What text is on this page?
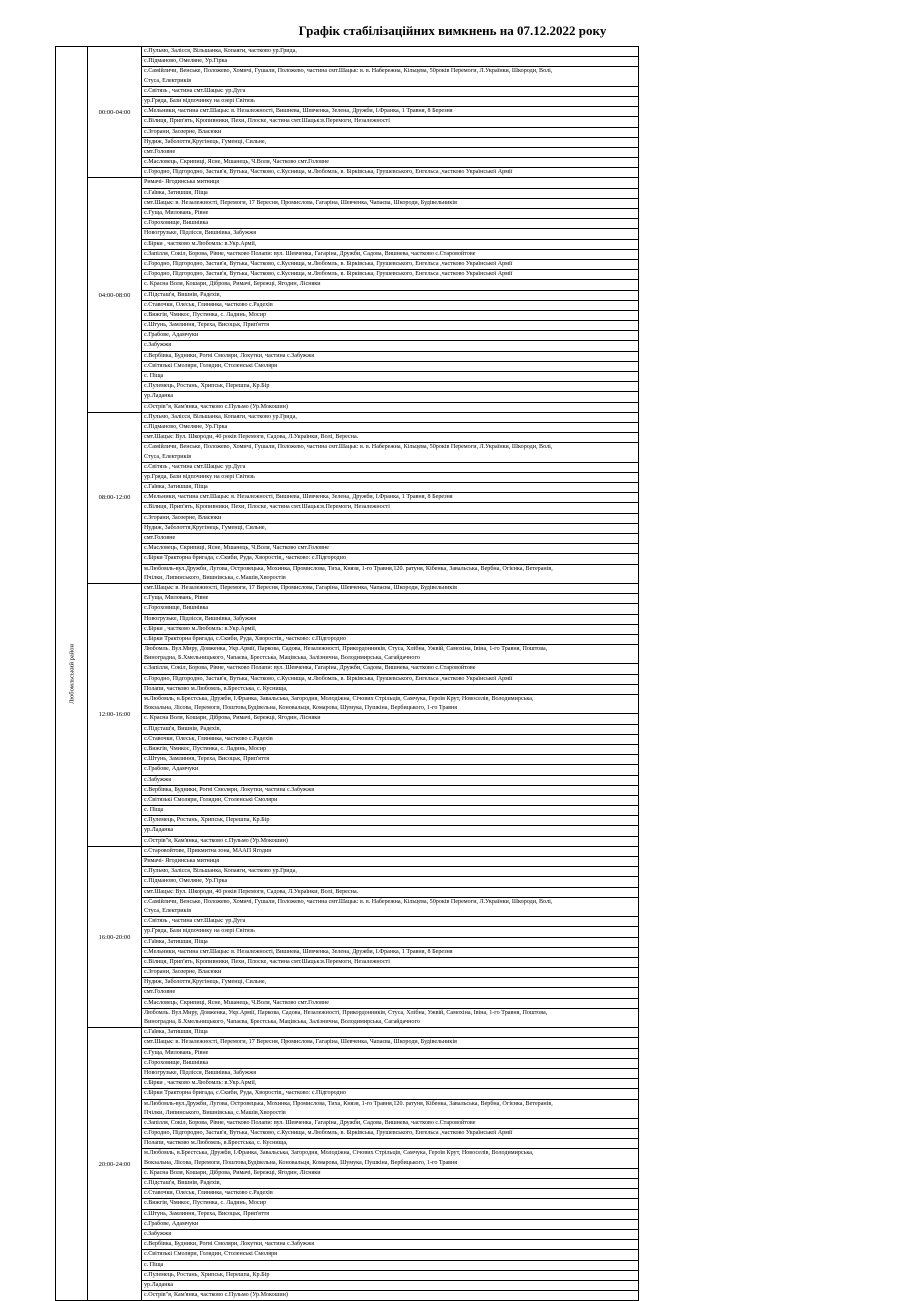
Графік стабілізаційних вимкнень на 07.12.2022 року
Любомльський район	00:00-04:00	с.Пульмо, Залісся, Вільшанка, Копаяги, частково ур.Грида,

		с.Підманово, Омеляне, Ур.Гірка

		с.Самійличи, Венське, Положево, Хомичі, Гушали, Положево, частина смт.Шацьк: в. в. Набережна, Кільцева, 50років Перемоги, Л.Українки, Шкороди, Волі,
Стуса, Електриків

		с.Світязь , частина смт.Шацьк: ур.Дуга

		ур.Гряда, Бази відпочинку на озері Світязь

		с.Мельники, частина смт.Шацьк: в. Незалежності, Вишнева, Шевченка, Зелена, Дружби, І.Франка, 1 Травня, 8 Березня

		с.Вілиця, Прип'ять, Кропивники, Пехи, Плоске, частина смт.Шацьк:в.Перемоги, Незалежності

		с.Згорани, Заозерне, Власюки

		Нудиж, Заболоття,Кругінець, Гуменці, Сильне,

		смт.Головне

		с.Масловець, Скрипиці, Ясне, Мшанець, Ч.Воля, Частково смт.Головне

		с.Городно, Підгородно, Застав'я, Вутька, Частково, с.Куснища, м.Любомль, в. Бірківська, Грушевського, Енгельса ,частково Української Армії

	04:00-08:00	Римачі- Ягодинська митниця

		с.Гаївка, Затишшя, Піща

		смт.Шацьк: в. Незалежності, Перемоги, 17 Вересня, Промислова, Гагаріна, Шевченка, Чапаєва, Шкороди, Будівельників

		с.Гуща, Миловань, Рівне

		с.Гороховище, Вишнівка

		Новогрузьке, Підлісся, Вишнівка, Забужжя

		с.Бірки , частково м.Любомль: в.Укр.Армії,

		с.Запілля, Сокіл, Борова, Рівне, частково Полапи: вул. Шевченка, Гагаріна, Дружби, Садова, Вишнева, частково с.Старовойтове

		с.Городно, Підгородно, Застав'я, Вутька, Частково, с.Куснища, м.Любомль, в. Бірківська, Грушевського, Енгельса ,частково Української Армії

		с.Городно, Підгородно, Застав'я, Вутька, Частково, с.Куснища, м.Любомль, в. Бірківська, Грушевського, Енгельса ,частково Української Армії

		с. Красна Воля, Кошари, Діброва, Римачі, Бережці, Ягодин, Лісняки

		с.Підсташ'я, Вишнів, Радехів,

		с.Ставочки, Олеськ, Глинянка, частково с.Радехів

		с.Вижгів, Чмикос, Пустинка, с. Ладинь, Мосир

		с.Штунь, Замлиння, Тереха, Висоцьк, Прип'яття

		с.Грабове, Адамчуки

		с.Забужжя

		с.Вербівка, Будники, Рогві Смоляри, Локутки, частина с.Забужжя

		с.Світязькі Смоляри, Голядин, Столенські Смоляри

		с. Піща

		с.Пулемець, Ростань, Хрипськ, Перешпа, Кр.Бір

		ур.Ладанка

		с.Острів"я, Кам'янка, частково с.Пульмо (Ур.Мокошин)

	08:00-12:00	с.Пульмо, Залісся, Вільшанка, Копаяги, частково ур.Грида,

		с.Підманово, Омеляне, Ур.Гірка

		смт.Шацьк: Вул. Шкороди, 40 років Перемоги, Садова, Л.Українки, Волі, Вересна.

		с.Самійличи, Венське, Положево, Хомичі, Гушали, Положево, частина смт.Шацьк: в. в. Набережна, Кільцева, 50років Перемоги, Л.Українки, Шкороди, Волі,
Стуса, Електриків

		с.Світязь , частина смт.Шацьк: ур.Дуга

		ур.Гряда, Бази відпочинку на озері Світязь

		с.Гаївка, Затишшя, Піща

		с.Мельники, частина смт.Шацьк: в. Незалежності, Вишнева, Шевченка, Зелена, Дружби, І.Франка, 1 Травня, 8 Березня

		с.Вілиця, Прип'ять, Кропивники, Пехи, Плоске, частина смт.Шацьк:в.Перемоги, Незалежності

		с.Згорани, Заозерне, Власюки

		Нудиж, Заболоття,Кругінець, Гуменці, Сильне,

		смт.Головне

		с.Масловець, Скрипиці, Ясне, Мшанець, Ч.Воля, Частково смт.Головне

		с.Бірки Тракторна бригада, с.Скиби, Руда, Хворостів,, частково: с.Підгородно

		м.Любомль-вул.Дружби, Лугова, Островецька, Мохинка, Промислова, Тиха, Князя, 1-го Травня,120. ратуня, Кібенка, Завальська, Вербна, Огієнка, Ветеранів,
Пчілки, Липинського, Вишнівська, с.Машів,Хворостів

	12:00-16:00	смт.Шацьк: в. Незалежності, Перемоги, 17 Вересня, Промислова, Гагаріна, Шевченка, Чапаєва, Шкороди, Будівельників

		с.Гуща, Миловань, Рівне

		с.Гороховище, Вишнівка

		Новогрузьке, Підлісся, Вишнівка, Забужжя

		с.Бірки , частково м.Любомль: в.Укр.Армії,

		с.Бірки Тракторна бригада, с.Скиби, Руда, Хворостів,, частково: с.Підгородно

		Любомль. Вул.Миру, Довженка, Укр.Армії, Паркова, Садова, Незалежності, Прикордонників, Стуса, Хлібна, Ужвій, Самохіна, Івіна, 1-го Травня, Поштова,
Виноградна, Б.Хмельницького, Чапаєва, Брестська, Мацівська, Залізнична, Володимирська, Сагайдачного

		с.Запілля, Сокіл, Борова, Рівне, частково Полапи: вул. Шевченка, Гагаріна, Дружби, Садова, Вишнева, частково с.Старовойтове

		с.Городно, Підгородно, Застав'я, Вутька, Частково, с.Куснища, м.Любомль, в. Бірківська, Грушевського, Енгельса ,частково Української Армії

		Полапи, частково м.Любомль, в.Брестська, с. Куснища,

		м.Любомль, в.Брестська, Дружби, І.Франка, Завальська, Загородня, Молодіжна, Січових Стрільців, Самчука, Героїв Крут, Новоселів, Володимирська,
Вокзальна, Лісова, Перемоги, Поштова,Будівельна, Коновальця, Комарова, Шумука, Пушкіна, Вербицького, 1-го Травня

		с. Красна Воля, Кошари, Діброва, Римачі, Бережці, Ягодин, Лісняки

		с.Підсташ'я, Вишнів, Радехів,

		с.Ставочки, Олеськ, Глинянка, частково с.Радехів

		с.Вижгів, Чмикос, Пустинка, с. Ладинь, Мосир

		с.Штунь, Замлиння, Тереха, Висоцьк, Прип'яття

		с.Грабове, Адамчуки

		с.Забужжя

		с.Вербівка, Будники, Рогві Смоляри, Локутки, частина с.Забужжя

		с.Світязькі Смоляри, Голядин, Столенські Смоляри

		с. Піща

		с.Пулемець, Ростань, Хрипськ, Перешпа, Кр.Бір

		ур.Ладанка

		с.Острів"я, Кам'янка, частково с.Пульмо (Ур.Мокошин)

	16:00-20:00	с.Старовойтове, Прикмитна зона, МААП Ягодин

		Римачі- Ягодинська митниця

		с.Пульмо, Залісся, Вільшанка, Копаяги, частково ур.Грида,

		с.Підманово, Омеляне, Ур.Гірка

		смт.Шацьк: Вул. Шкороди, 40 років Перемоги, Садова, Л.Українки, Волі, Вересна.

		с.Самійличи, Венське, Положево, Хомичі, Гушали, Положево, частина смт.Шацьк: в. в. Набережна, Кільцева, 50років Перемоги, Л.Українки, Шкороди, Волі,
Стуса, Електриків

		с.Світязь , частина смт.Шацьк: ур.Дуга

		ур.Гряда, Бази відпочинку на озері Світязь

		с.Гаївка, Затишшя, Піща

		с.Мельники, частина смт.Шацьк: в. Незалежності, Вишнева, Шевченка, Зелена, Дружби, І.Франка, 1 Травня, 8 Березня

		с.Вілиця, Прип'ять, Кропивники, Пехи, Плоске, частина смт.Шацьк:в.Перемоги, Незалежності

		с.Згорани, Заозерне, Власюки

		Нудиж, Заболоття,Кругінець, Гуменці, Сильне,

		смт.Головне

		с.Масловець, Скрипиці, Ясне, Мшанець, Ч.Воля, Частково смт.Головне

		Любомль. Вул.Миру, Довженка, Укр.Армії, Паркова, Садова, Незалежності, Прикордонників, Стуса, Хлібна, Ужвій, Самохіна, Івіна, 1-го Травня, Поштова,
Виноградна, Б.Хмельницького, Чапаєва, Брестська, Мацівська, Залізнична, Володимирська, Сагайдачного

	20:00-24:00	с.Гаївка, Затишшя, Піща

		смт.Шацьк: в. Незалежності, Перемоги, 17 Вересня, Промислова, Гагаріна, Шевченка, Чапаєва, Шкороди, Будівельників

		с.Гуща, Миловань, Рівне

		с.Гороховище, Вишнівка

		Новогрузьке, Підлісся, Вишнівка, Забужжя

		с.Бірки , частково м.Любомль: в.Укр.Армії,

		с.Бірки Тракторна бригада, с.Скиби, Руда, Хворостів,, частково: с.Підгородно

		м.Любомль-вул.Дружби, Лугова, Островецька, Мохинка, Промислова, Тиха, Князя, 1-го Травня,120. ратуня, Кібенка, Завальська, Вербна, Огієнка, Ветеранів,
Пчілки, Липинського, Вишнівська, с.Машів,Хворостів

		с.Запілля, Сокіл, Борова, Рівне, частково Полапи: вул. Шевченка, Гагаріна, Дружби, Садова, Вишнева, частково с.Старовойтове

		с.Городно, Підгородно, Застав'я, Вутька, Частково, с.Куснища, м.Любомль, в. Бірківська, Грушевського, Енгельса ,частково Української Армії

		Полапи, частково м.Любомль, в.Брестська, с. Куснища,

		м.Любомль, в.Брестська, Дружби, І.Франка, Завальська, Загородня, Молодіжна, Січових Стрільців, Самчука, Героїв Крут, Новоселів, Володимирська,
Вокзальна, Лісова, Перемоги, Поштова,Будівельна, Коновальця, Комарова, Шумука, Пушкіна, Вербицького, 1-го Травня

		с. Красна Воля, Кошари, Діброва, Римачі, Бережці, Ягодин, Лісняки

		с.Підсташ'я, Вишнів, Радехів,

		с.Ставочки, Олеськ, Глинянка, частково с.Радехів

		с.Вижгів, Чмикос, Пустинка, с. Ладинь, Мосир

		с.Штунь, Замлиння, Тереха, Висоцьк, Прип'яття

		с.Грабове, Адамчуки

		с.Забужжя

		с.Вербівка, Будники, Рогві Смоляри, Локутки, частина с.Забужжя

		с.Світязькі Смоляри, Голядин, Столенські Смоляри

		с. Піща

		с.Пулемець, Ростань, Хрипськ, Перешпа, Кр.Бір

		ур.Ладанка

		с.Острів"я, Кам'янка, частково с.Пульмо (Ур.Мокошин)
